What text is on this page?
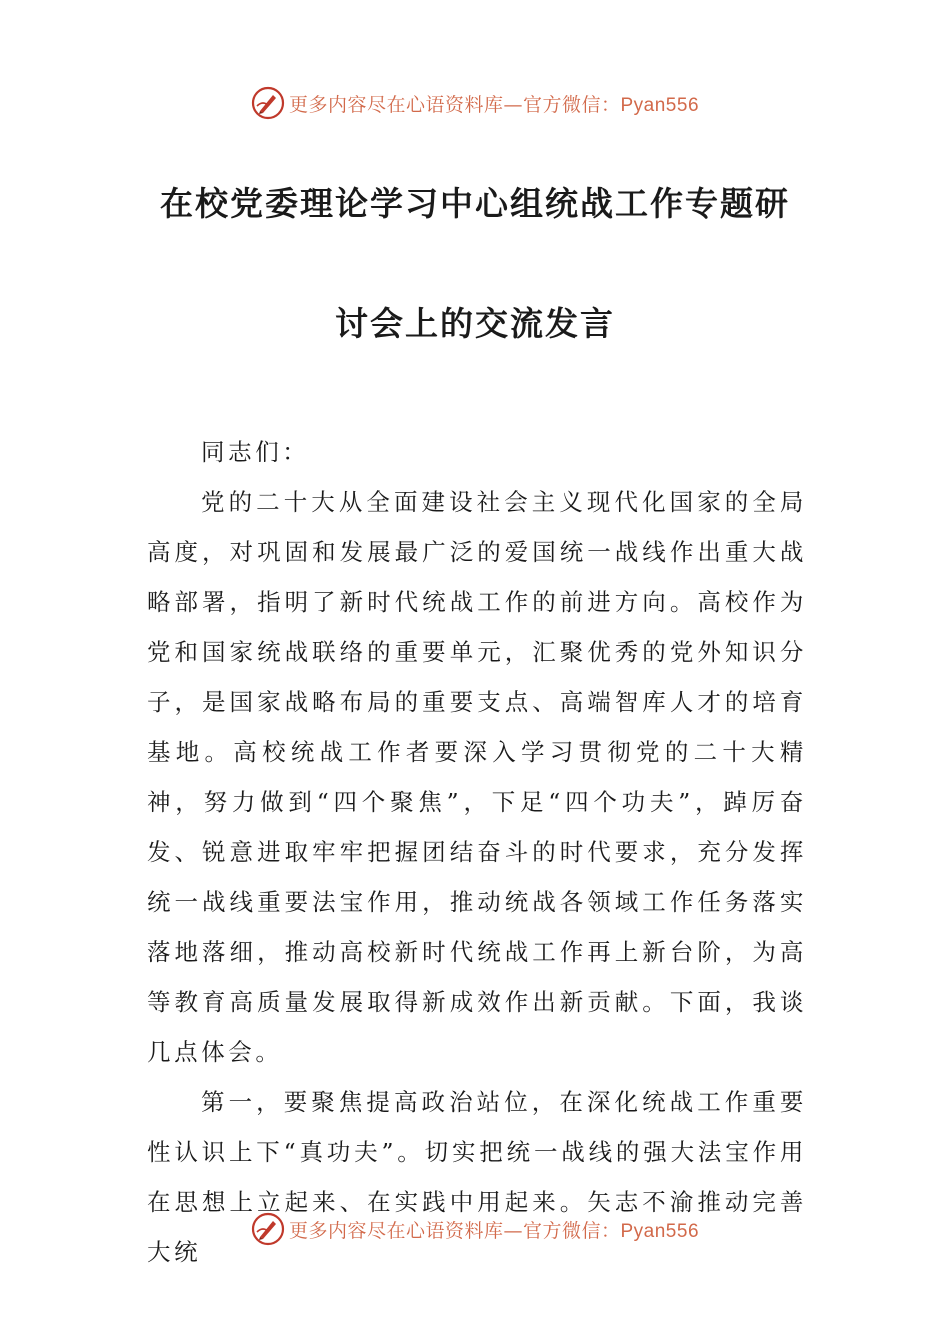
更多内容尽在心语资料库—官方微信：Pyan556
在校党委理论学习中心组统战工作专题研
讨会上的交流发言

同志们：

党的二十大从全面建设社会主义现代化国家的全局高度，对巩固和发展最广泛的爱国统一战线作出重大战略部署，指明了新时代统战工作的前进方向。高校作为党和国家统战联络的重要单元，汇聚优秀的党外知识分子，是国家战略布局的重要支点、高端智库人才的培育基地。高校统战工作者要深入学习贯彻党的二十大精神，努力做到“四个聚焦”，下足“四个功夫”，踔厉奋发、锐意进取牢牢把握团结奋斗的时代要求，充分发挥统一战线重要法宝作用，推动统战各领域工作任务落实落地落细，推动高校新时代统战工作再上新台阶，为高等教育高质量发展取得新成效作出新贡献。下面，我谈几点体会。

第一，要聚焦提高政治站位，在深化统战工作重要性认识上下“真功夫”。切实把统一战线的强大法宝作用在思想上立起来、在实践中用起来。矢志不渝推动完善大统

更多内容尽在心语资料库—官方微信：Pyan556
